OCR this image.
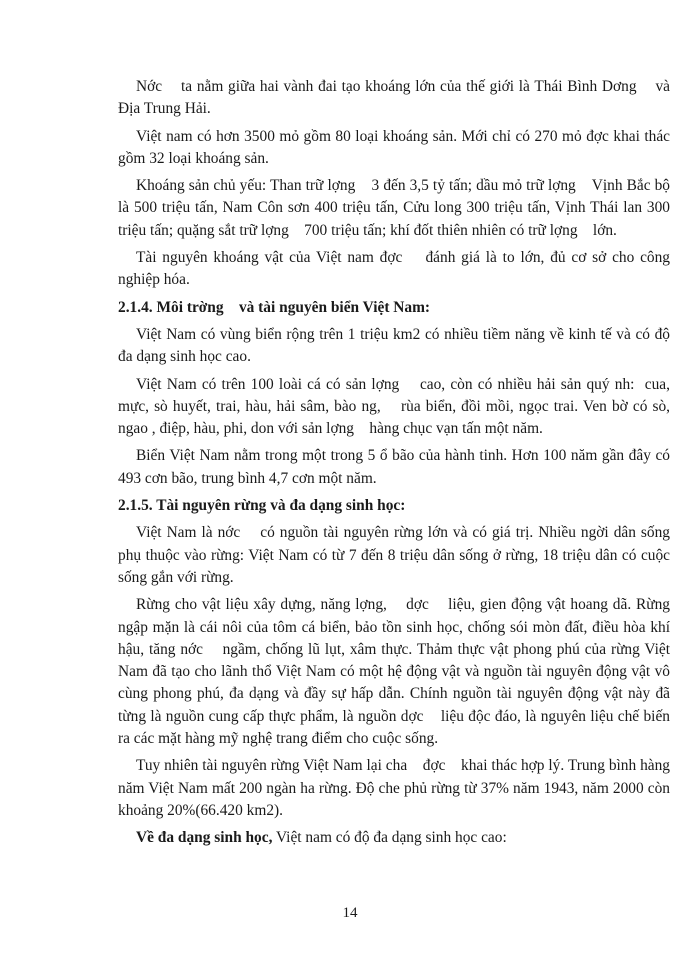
Nớc    ta nằm giữa hai vành đai tạo khoáng lớn của thế giới là Thái Bình Dơng    và Địa Trung Hải.

Việt nam có hơn 3500 mỏ gồm 80 loại khoáng sản. Mới chỉ có 270 mỏ đợc khai thác gồm 32 loại khoáng sản.

Khoáng sản chủ yếu: Than trữ lợng    3 đến 3,5 tỷ tấn; dầu mỏ trữ lợng    Vịnh Bắc bộ là 500 triệu tấn, Nam Côn sơn 400 triệu tấn, Cửu long 300 triệu tấn, Vịnh Thái lan 300 triệu tấn; quặng sắt trữ lợng    700 triệu tấn; khí đốt thiên nhiên có trữ lợng    lớn.

Tài nguyên khoáng vật của Việt nam đợc    đánh giá là to lớn, đủ cơ sở cho công nghiệp hóa.

2.1.4. Môi trờng    và tài nguyên biển Việt Nam:

Việt Nam có vùng biển rộng trên 1 triệu km2 có nhiều tiềm năng về kinh tế và có độ đa dạng sinh học cao.

Việt Nam có trên 100 loài cá có sản lợng    cao, còn có nhiều hải sản quý nh:  cua, mực, sò huyết, trai, hàu, hải sâm, bào ng,    rùa biển, đồi mồi, ngọc trai. Ven bờ có sò, ngao , điệp, hàu, phi, don với sản lợng    hàng chục vạn tấn một năm.

Biển Việt Nam nằm trong một trong 5 ổ bão của hành tinh. Hơn 100 năm gần đây có 493 cơn bão, trung bình 4,7 cơn một năm.

2.1.5. Tài nguyên rừng và đa dạng sinh học:

Việt Nam là nớc    có nguồn tài nguyên rừng lớn và có giá trị. Nhiều ngời dân sống phụ thuộc vào rừng: Việt Nam có từ 7 đến 8 triệu dân sống ở rừng, 18 triệu dân có cuộc sống gắn với rừng.

Rừng cho vật liệu xây dựng, năng lợng,    dợc    liệu, gien động vật hoang dã. Rừng ngập mặn là cái nôi của tôm cá biển, bảo tồn sinh học, chống sói mòn đất, điều hòa khí hậu, tăng nớc    ngầm, chống lũ lụt, xâm thực. Thảm thực vật phong phú của rừng Việt Nam đã tạo cho lãnh thổ Việt Nam có một hệ động vật và nguồn tài nguyên động vật vô cùng phong phú, đa dạng và đầy sự hấp dẫn. Chính nguồn tài nguyên động vật này đã từng là nguồn cung cấp thực phẩm, là nguồn dợc    liệu độc đáo, là nguyên liệu chế biến ra các mặt hàng mỹ nghệ trang điểm cho cuộc sống.

Tuy nhiên tài nguyên rừng Việt Nam lại cha    đợc    khai thác hợp lý. Trung bình hàng năm Việt Nam mất 200 ngàn ha rừng. Độ che phủ rừng từ 37% năm 1943, năm 2000 còn khoảng 20%(66.420 km2).

Về đa dạng sinh học, Việt nam có độ đa dạng sinh học cao:

14
